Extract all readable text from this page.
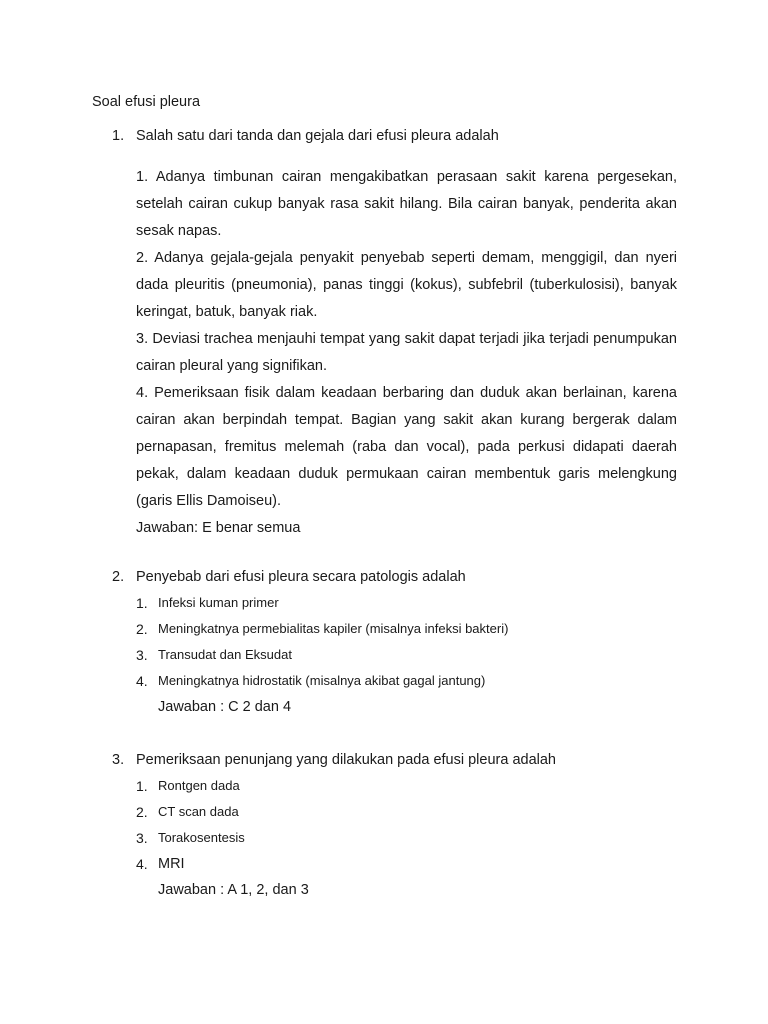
Soal efusi pleura
1. Salah satu dari tanda dan gejala dari efusi pleura adalah

1. Adanya timbunan cairan mengakibatkan perasaan sakit karena pergesekan, setelah cairan cukup banyak rasa sakit hilang. Bila cairan banyak, penderita akan sesak napas.

2. Adanya gejala-gejala penyakit penyebab seperti demam, menggigil, dan nyeri dada pleuritis (pneumonia), panas tinggi (kokus), subfebril (tuberkulosisi), banyak keringat, batuk, banyak riak.

3. Deviasi trachea menjauhi tempat yang sakit dapat terjadi jika terjadi penumpukan cairan pleural yang signifikan.

4. Pemeriksaan fisik dalam keadaan berbaring dan duduk akan berlainan, karena cairan akan berpindah tempat. Bagian yang sakit akan kurang bergerak dalam pernapasan, fremitus melemah (raba dan vocal), pada perkusi didapati daerah pekak, dalam keadaan duduk permukaan cairan membentuk garis melengkung (garis Ellis Damoiseu).

Jawaban: E benar semua

2. Penyebab dari efusi pleura secara patologis adalah
1. Infeksi kuman primer
2. Meningkatnya permebialitas kapiler (misalnya infeksi bakteri)
3. Transudat dan Eksudat
4. Meningkatnya hidrostatik (misalnya akibat gagal jantung)
Jawaban : C 2 dan 4
3. Pemeriksaan penunjang yang dilakukan pada efusi pleura adalah
1. Rontgen dada
2. CT scan dada
3. Torakosentesis
4. MRI
Jawaban : A 1, 2, dan 3
